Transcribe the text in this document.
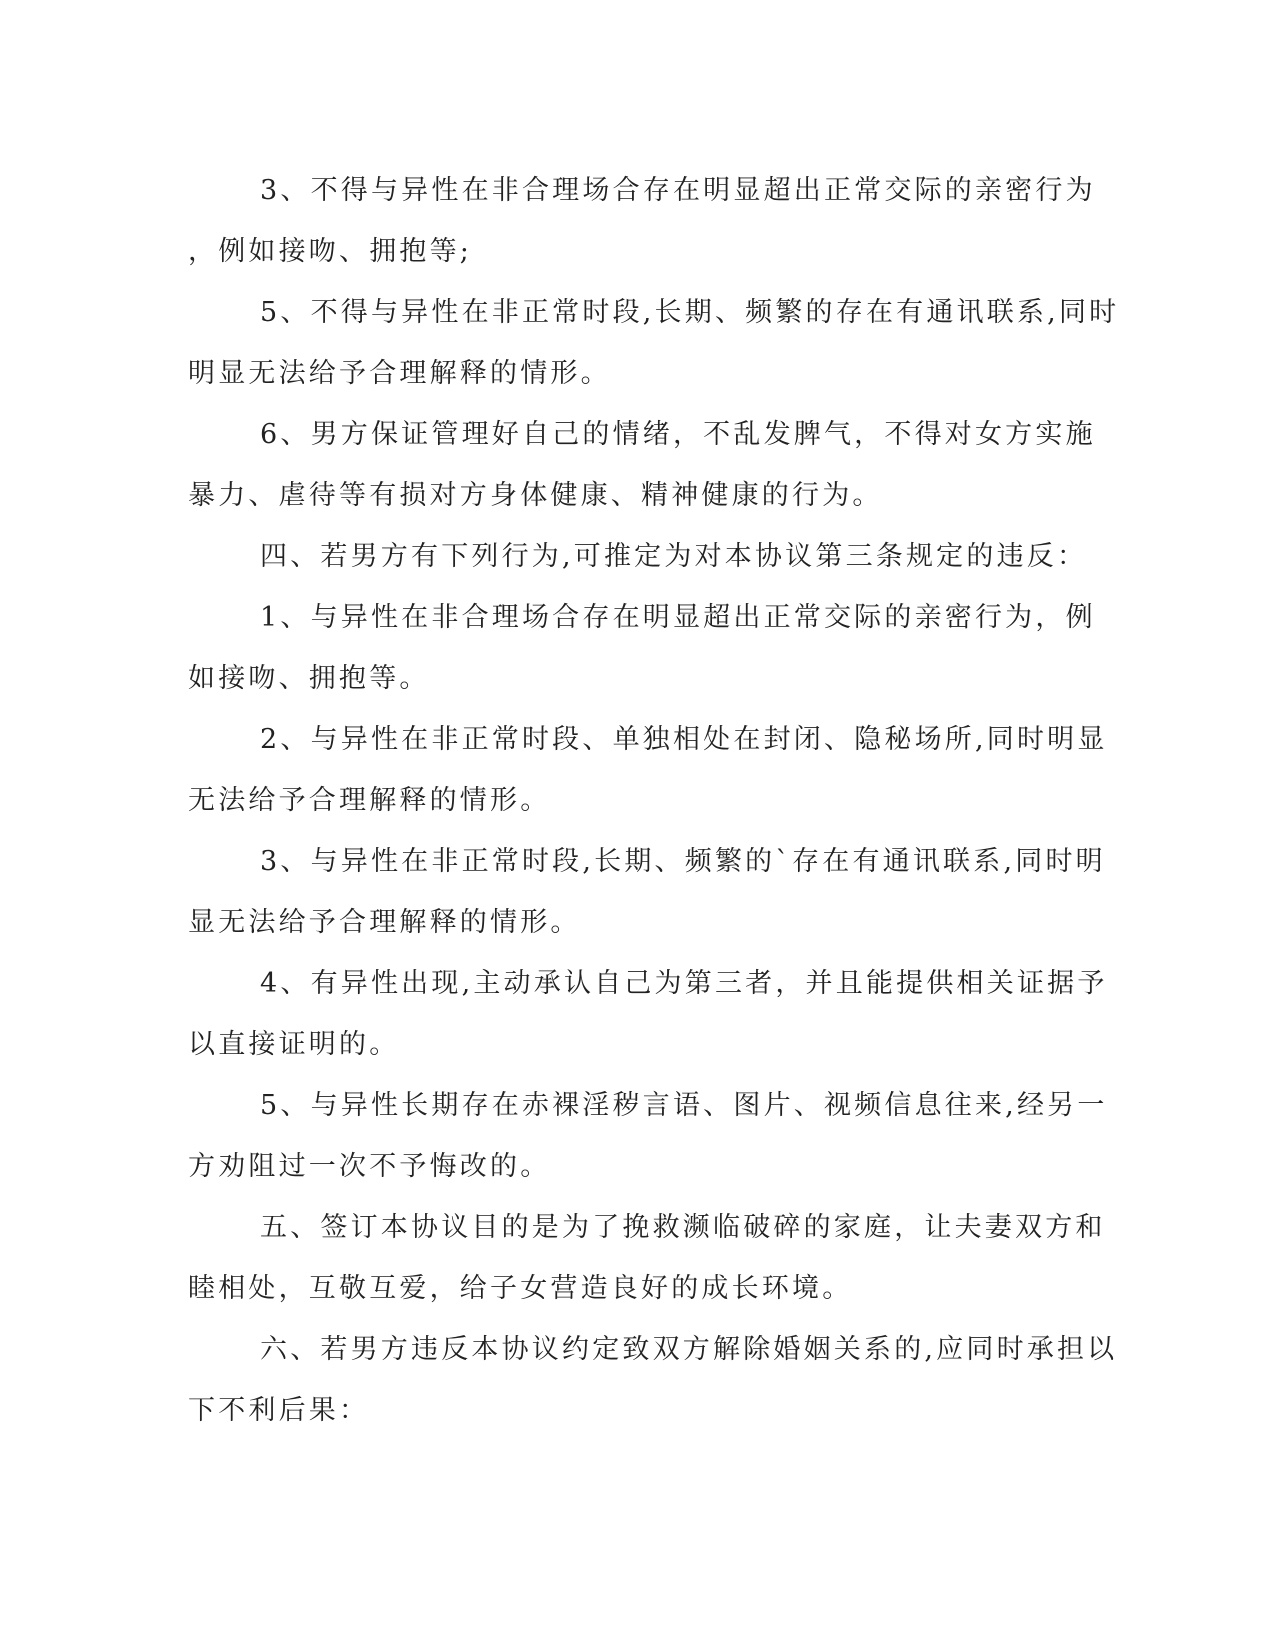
3、不得与异性在非合理场合存在明显超出正常交际的亲密行为
，例如接吻、拥抱等;
5、不得与异性在非正常时段,长期、频繁的存在有通讯联系,同时
明显无法给予合理解释的情形。
6、男方保证管理好自己的情绪，不乱发脾气，不得对女方实施
暴力、虐待等有损对方身体健康、精神健康的行为。
四、若男方有下列行为,可推定为对本协议第三条规定的违反：
1、与异性在非合理场合存在明显超出正常交际的亲密行为，例
如接吻、拥抱等。
2、与异性在非正常时段、单独相处在封闭、隐秘场所,同时明显
无法给予合理解释的情形。
3、与异性在非正常时段,长期、频繁的`存在有通讯联系,同时明
显无法给予合理解释的情形。
4、有异性出现,主动承认自己为第三者，并且能提供相关证据予
以直接证明的。
5、与异性长期存在赤裸淫秽言语、图片、视频信息往来,经另一
方劝阻过一次不予悔改的。
五、签订本协议目的是为了挽救濒临破碎的家庭，让夫妻双方和
睦相处，互敬互爱，给子女营造良好的成长环境。
六、若男方违反本协议约定致双方解除婚姻关系的,应同时承担以
下不利后果：
